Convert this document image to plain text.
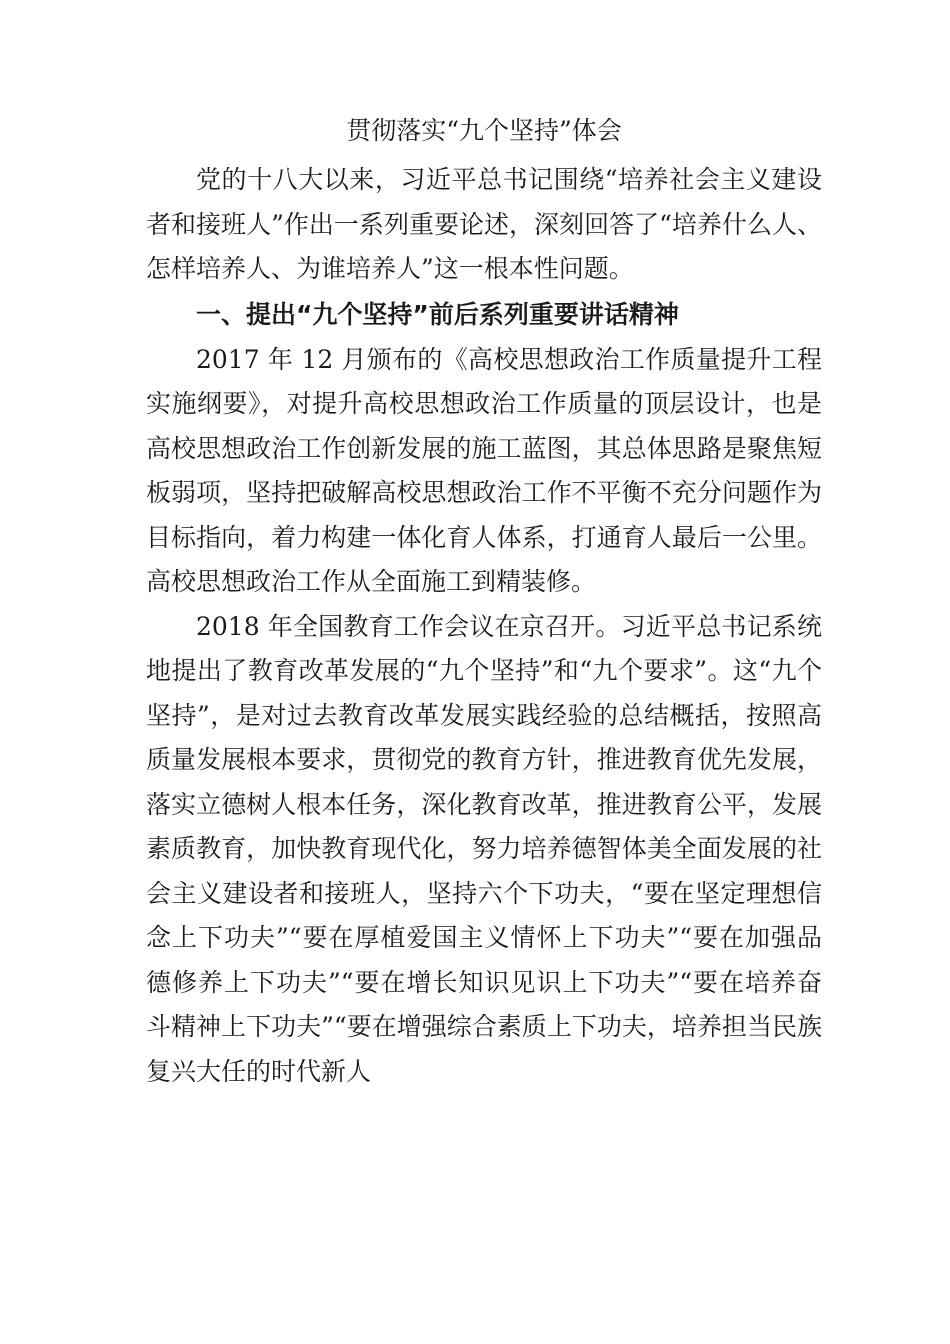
贯彻落实“九个坚持”体会

党的十八大以来，习近平总书记围绕“培养社会主义建设者和接班人”作出一系列重要论述，深刻回答了“培养什么人、怎样培养人、为谁培养人”这一根本性问题。

一、提出“九个坚持”前后系列重要讲话精神

2017 年 12 月颁布的《高校思想政治工作质量提升工程实施纲要》，对提升高校思想政治工作质量的顶层设计，也是高校思想政治工作创新发展的施工蓝图，其总体思路是聚焦短板弱项，坚持把破解高校思想政治工作不平衡不充分问题作为目标指向，着力构建一体化育人体系，打通育人最后一公里。高校思想政治工作从全面施工到精装修。

2018 年全国教育工作会议在京召开。习近平总书记系统地提出了教育改革发展的“九个坚持”和“九个要求”。这“九个坚持”，是对过去教育改革发展实践经验的总结概括，按照高质量发展根本要求，贯彻党的教育方针，推进教育优先发展，落实立德树人根本任务，深化教育改革，推进教育公平，发展素质教育，加快教育现代化，努力培养德智体美全面发展的社会主义建设者和接班人，坚持六个下功夫，“要在坚定理想信念上下功夫”“要在厚植爱国主义情怀上下功夫”“要在加强品德修养上下功夫”“要在增长知识见识上下功夫”“要在培养奋斗精神上下功夫”“要在增强综合素质上下功夫，培养担当民族复兴大任的时代新人
